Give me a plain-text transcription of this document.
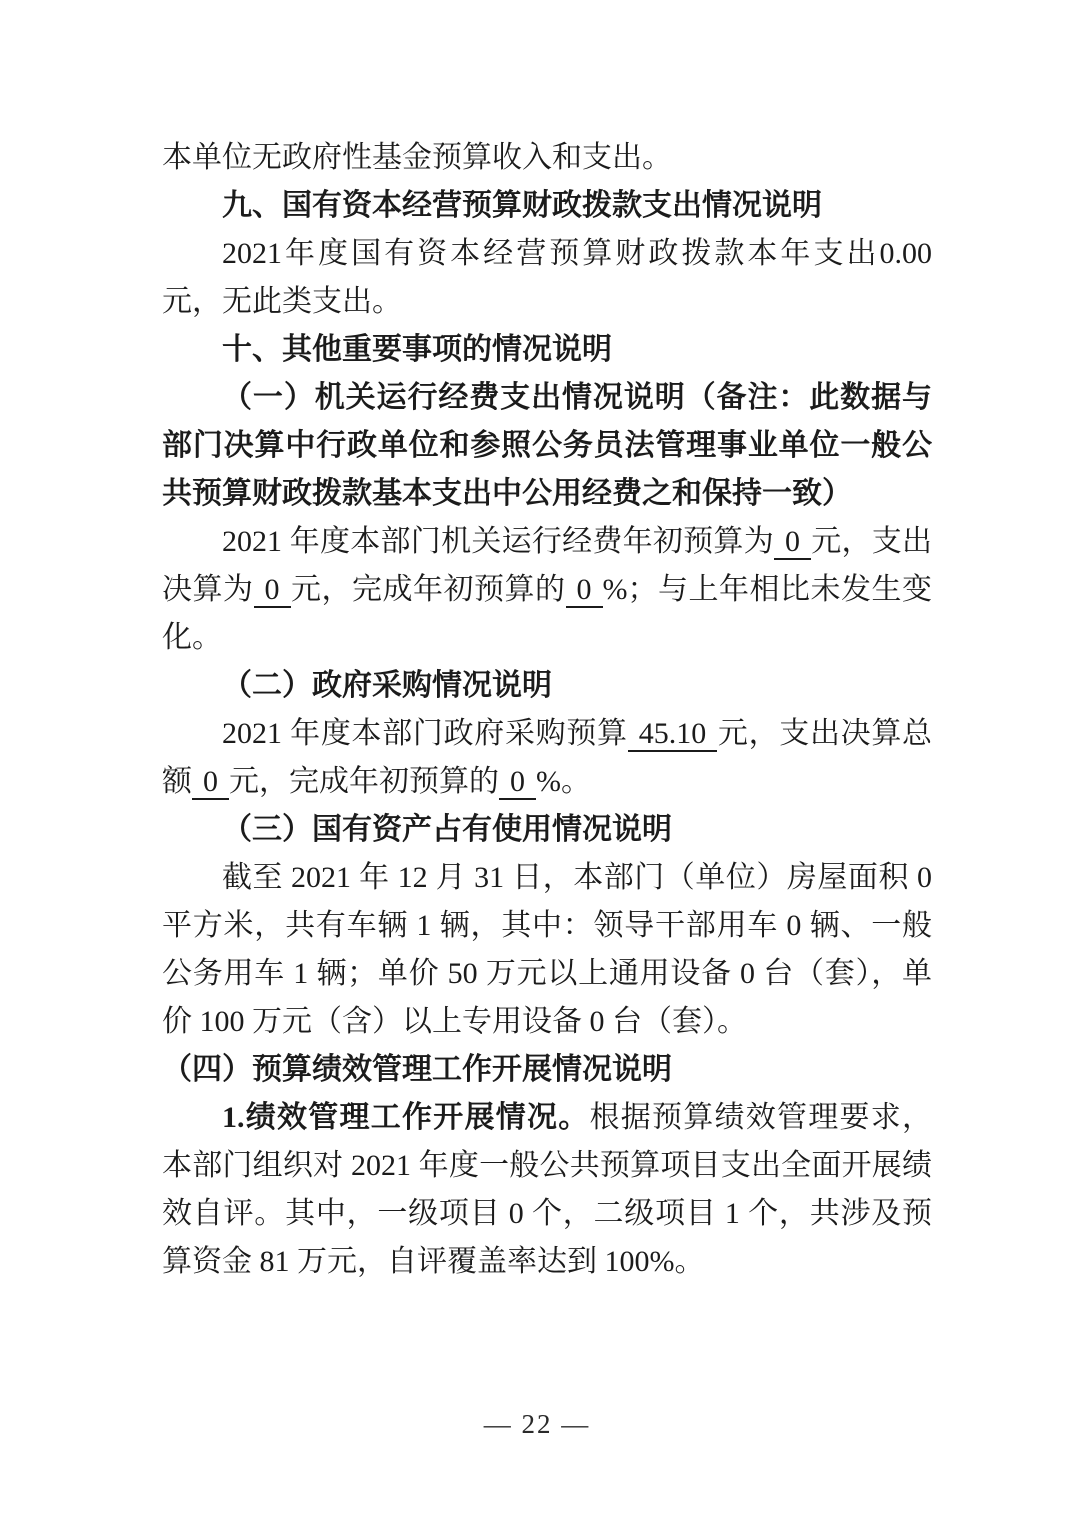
本单位无政府性基金预算收入和支出。

九、国有资本经营预算财政拨款支出情况说明

2021年度国有资本经营预算财政拨款本年支出0.00元，无此类支出。

十、其他重要事项的情况说明

（一）机关运行经费支出情况说明（备注：此数据与部门决算中行政单位和参照公务员法管理事业单位一般公共预算财政拨款基本支出中公用经费之和保持一致）

2021 年度本部门机关运行经费年初预算为 0 元，支出决算为 0 元，完成年初预算的 0 %；与上年相比未发生变化。

（二）政府采购情况说明

2021 年度本部门政府采购预算 45.10 元，支出决算总额 0 元，完成年初预算的 0 %。

（三）国有资产占有使用情况说明

截至 2021 年 12 月 31 日，本部门（单位）房屋面积 0 平方米，共有车辆 1 辆，其中：领导干部用车 0 辆、一般公务用车 1 辆；单价 50 万元以上通用设备 0 台（套），单价 100 万元（含）以上专用设备 0 台（套）。

（四）预算绩效管理工作开展情况说明

1.绩效管理工作开展情况。根据预算绩效管理要求，本部门组织对 2021 年度一般公共预算项目支出全面开展绩效自评。其中，一级项目 0 个，二级项目 1 个，共涉及预算资金 81 万元，自评覆盖率达到 100%。

— 22 —
